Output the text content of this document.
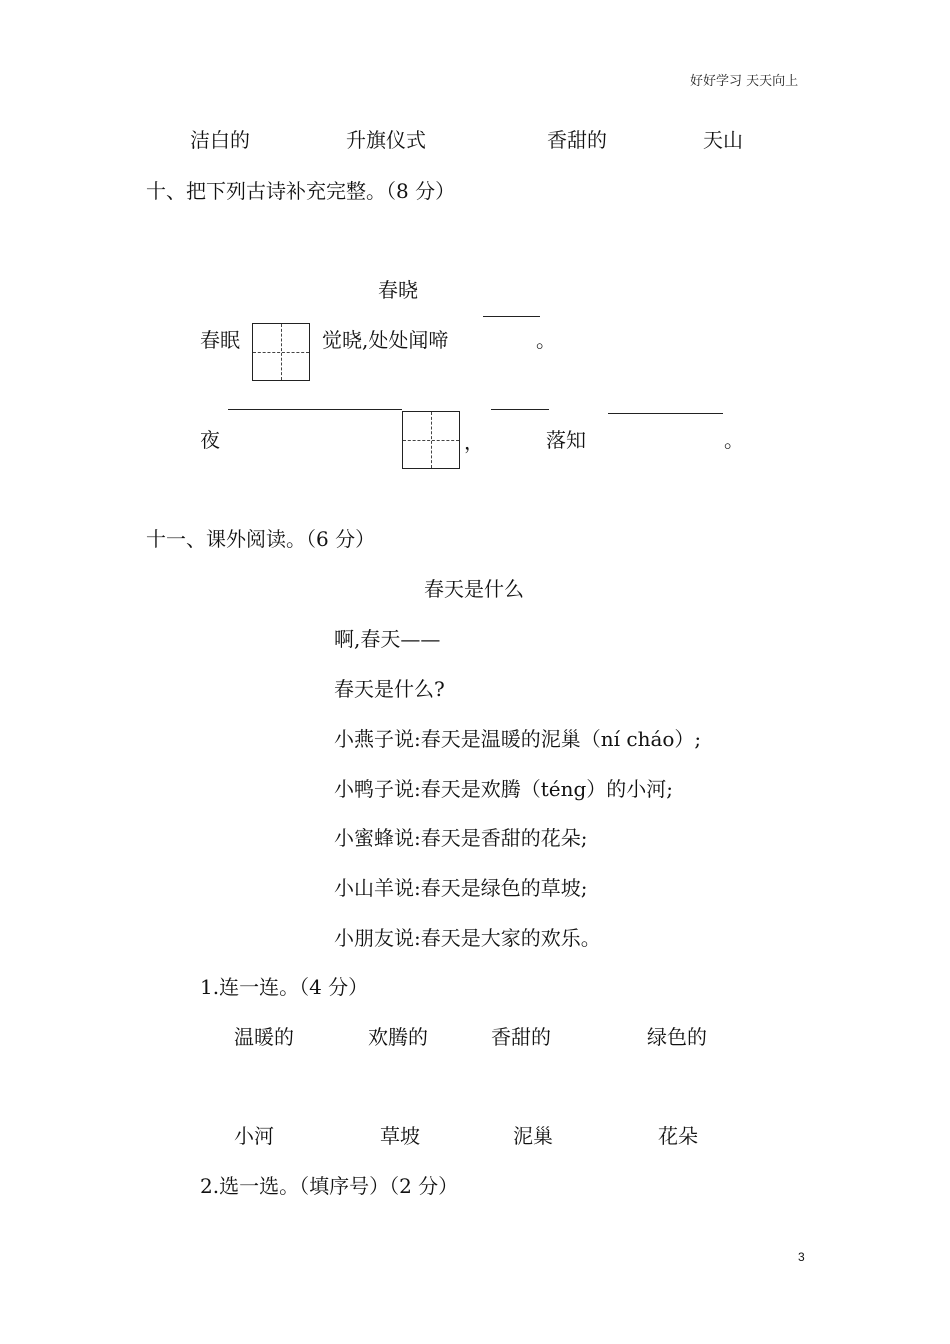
好好学习 天天向上
洁白的	升旗仪式	香甜的	天山
十、把下列古诗补充完整。（8 分）
春晓
春眠	觉晓,处处闻啼	。
夜	，	落知	。
十一、课外阅读。（6 分）
春天是什么
啊,春天——
春天是什么?
小燕子说:春天是温暖的泥巢（ní cháo）;
小鸭子说:春天是欢腾（téng）的小河;
小蜜蜂说:春天是香甜的花朵;
小山羊说:春天是绿色的草坡;
小朋友说:春天是大家的欢乐。
1.连一连。（4 分）
温暖的	欢腾的	香甜的	绿色的
小河	草坡	泥巢	花朵
2.选一选。（填序号）（2 分）
3
